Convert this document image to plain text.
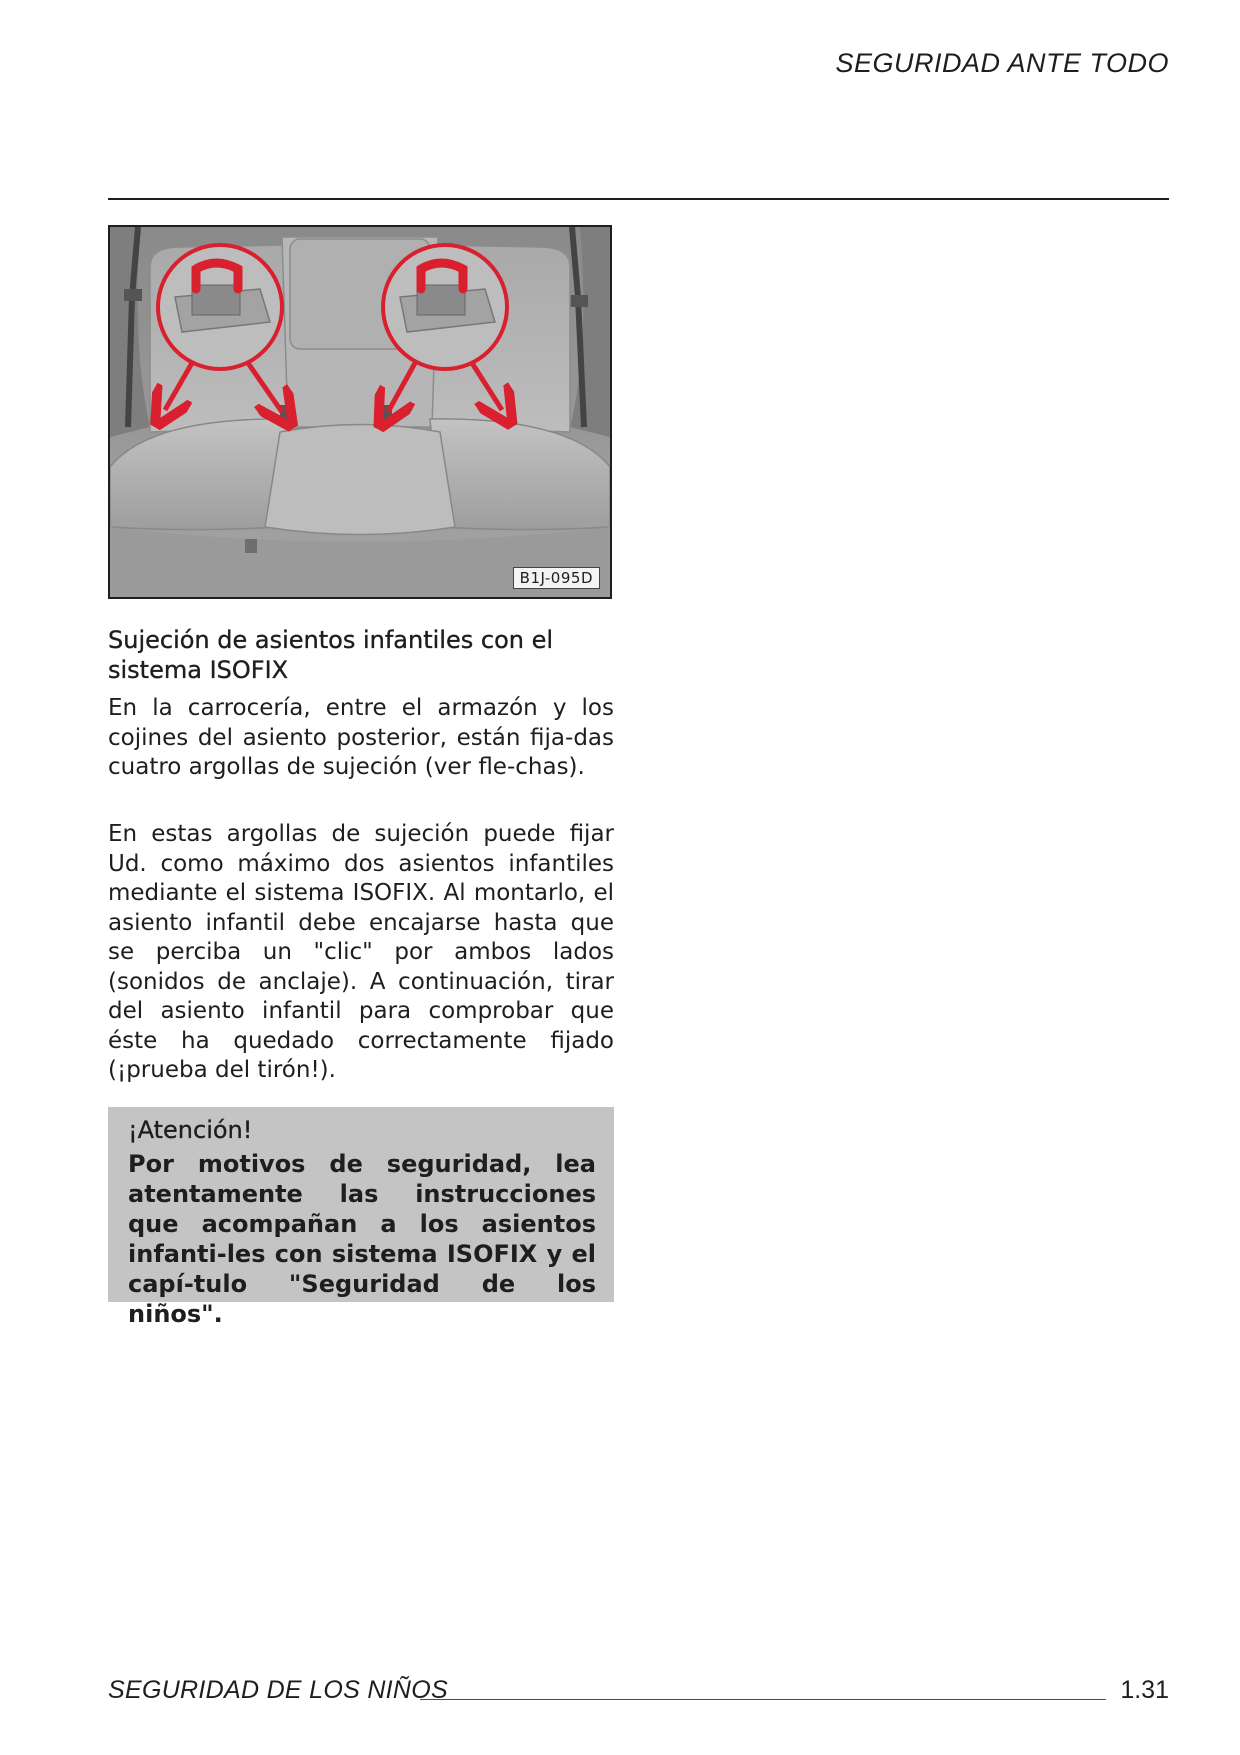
SEGURIDAD ANTE TODO
B1J-095D
Sujeción de asientos infantiles con el sistema ISOFIX

En la carrocería, entre el armazón y los cojines del asiento posterior, están fija-das cuatro argollas de sujeción (ver fle-chas).

En estas argollas de sujeción puede fijar Ud. como máximo dos asientos infantiles mediante el sistema ISOFIX. Al montarlo, el asiento infantil debe encajarse hasta que se perciba un "clic" por ambos lados (sonidos de anclaje). A continuación, tirar del asiento infantil para comprobar que éste ha quedado correctamente fijado (¡prueba del tirón!).

¡Atención!

Por motivos de seguridad, lea atentamente las instrucciones que acompañan a los asientos infanti-les con sistema ISOFIX y el capí-tulo "Seguridad de los niños".

SEGURIDAD DE LOS NIÑOS	1.31
